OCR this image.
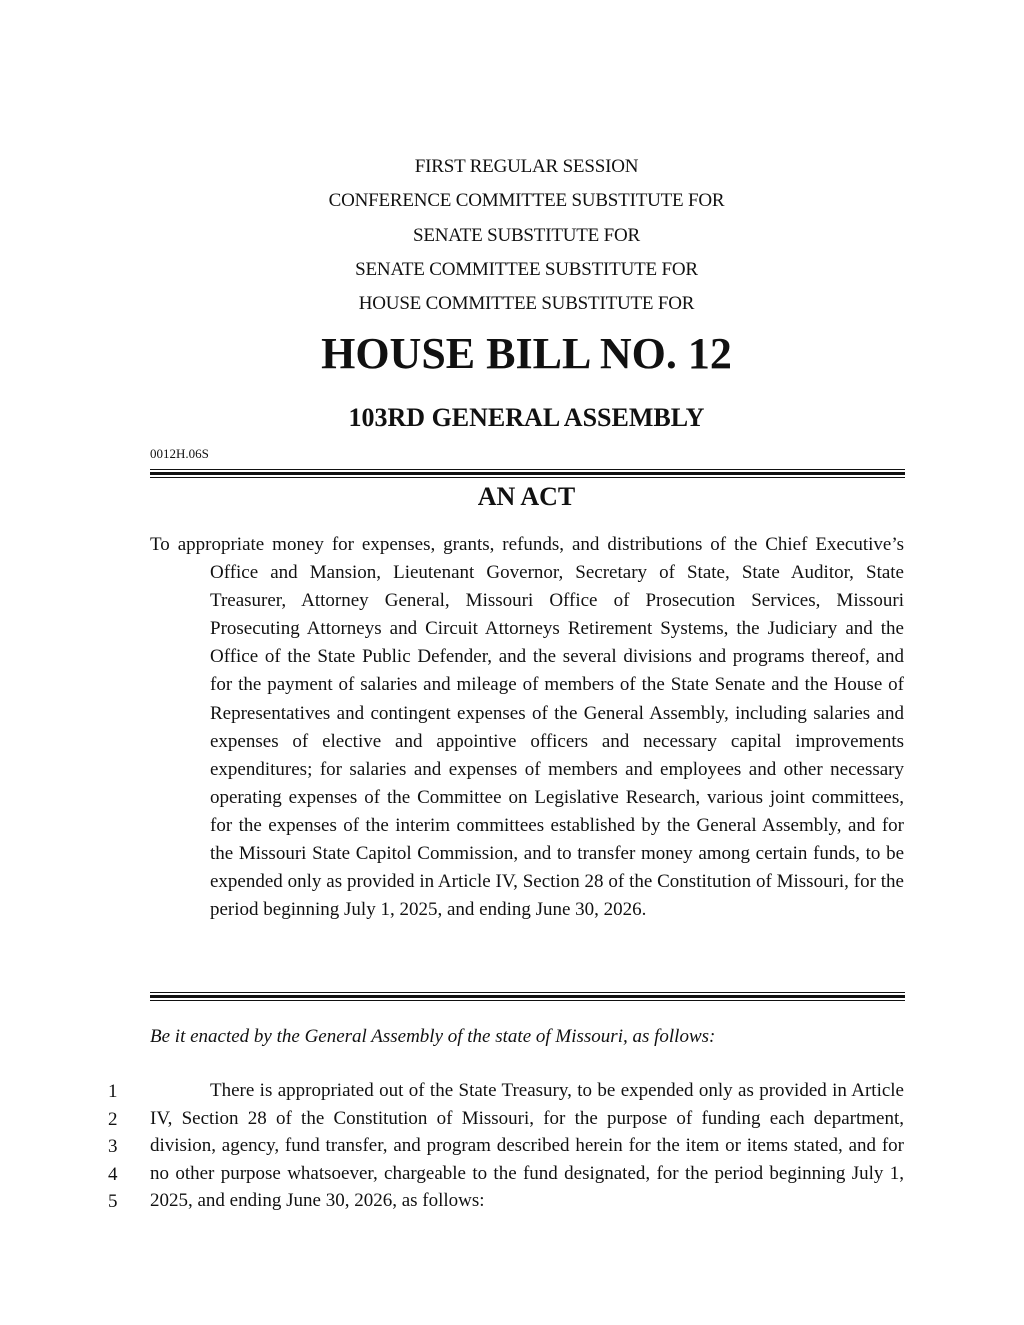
FIRST REGULAR SESSION
CONFERENCE COMMITTEE SUBSTITUTE FOR
SENATE SUBSTITUTE FOR
SENATE COMMITTEE SUBSTITUTE FOR
HOUSE COMMITTEE SUBSTITUTE FOR
HOUSE BILL NO. 12
103RD GENERAL ASSEMBLY
0012H.06S
AN ACT

To appropriate money for expenses, grants, refunds, and distributions of the Chief Executive’s Office and Mansion, Lieutenant Governor, Secretary of State, State Auditor, State Treasurer, Attorney General, Missouri Office of Prosecution Services, Missouri Prosecuting Attorneys and Circuit Attorneys Retirement Systems, the Judiciary and the Office of the State Public Defender, and the several divisions and programs thereof, and for the payment of salaries and mileage of members of the State Senate and the House of Representatives and contingent expenses of the General Assembly, including salaries and expenses of elective and appointive officers and necessary capital improvements expenditures; for salaries and expenses of members and employees and other necessary operating expenses of the Committee on Legislative Research, various joint committees, for the expenses of the interim committees established by the General Assembly, and for the Missouri State Capitol Commission, and to transfer money among certain funds, to be expended only as provided in Article IV, Section 28 of the Constitution of Missouri, for the period beginning July 1, 2025, and ending June 30, 2026.

Be it enacted by the General Assembly of the state of Missouri, as follows:
1
2
3
4
5

There is appropriated out of the State Treasury, to be expended only as provided in Article IV, Section 28 of the Constitution of Missouri, for the purpose of funding each department, division, agency, fund transfer, and program described herein for the item or items stated, and for no other purpose whatsoever, chargeable to the fund designated, for the period beginning July 1, 2025, and ending June 30, 2026, as follows:
